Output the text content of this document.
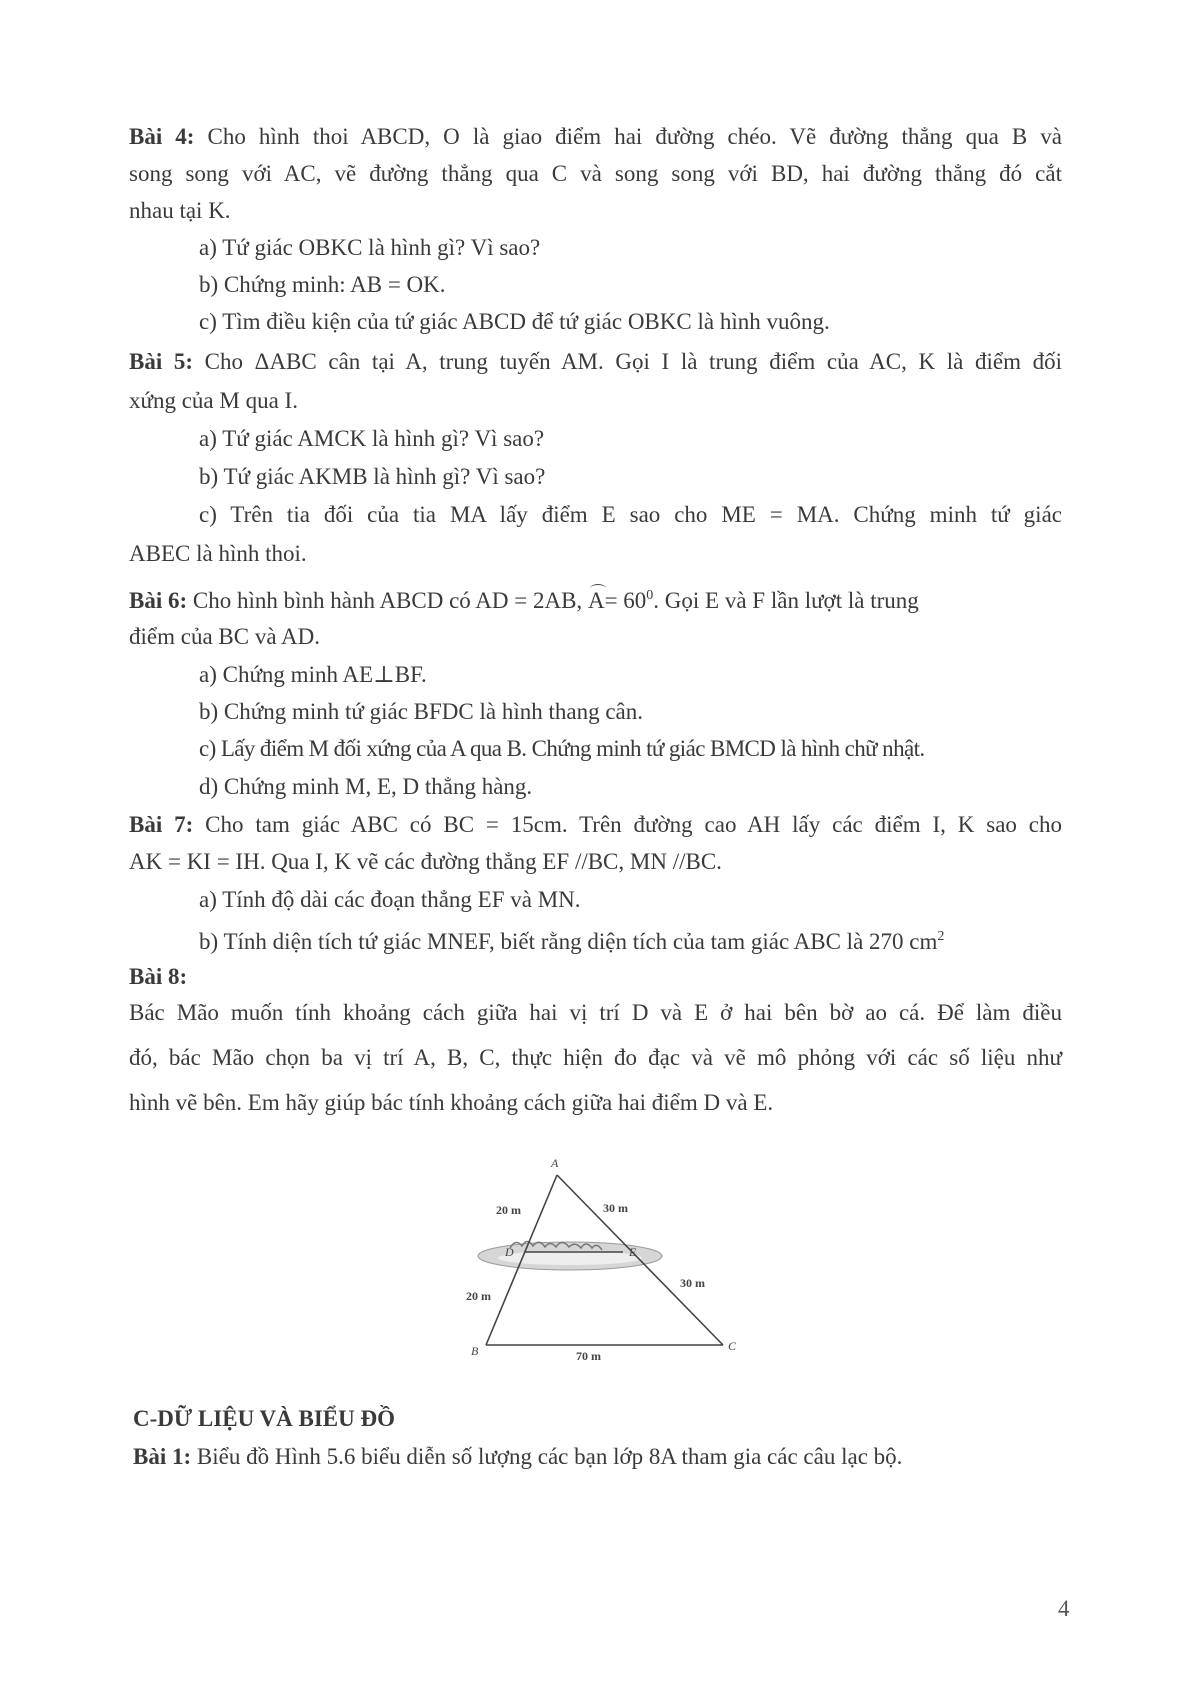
Bài 4: Cho hình thoi ABCD, O là giao điểm hai đường chéo. Vẽ đường thẳng qua B và
song song với AC, vẽ đường thẳng qua C và song song với BD, hai đường thẳng đó cắt
nhau tại K.
a) Tứ giác OBKC là hình gì? Vì sao?
b) Chứng minh: AB = OK.
c) Tìm điều kiện của tứ giác ABCD để tứ giác OBKC là hình vuông.
Bài 5: Cho ΔABC cân tại A, trung tuyến AM. Gọi I là trung điểm của AC, K là điểm đối
xứng của M qua I.
a) Tứ giác AMCK là hình gì? Vì sao?
b) Tứ giác AKMB là hình gì? Vì sao?
c) Trên tia đối của tia MA lấy điểm E sao cho ME = MA. Chứng minh tứ giác
ABEC là hình thoi.
Bài 6: Cho hình bình hành ABCD có AD = 2AB, $A= 60^0$. Gọi E và F lần lượt là trung
điểm của BC và AD.
a) Chứng minh AE⊥BF.
b) Chứng minh tứ giác BFDC là hình thang cân.
c) Lấy điểm M đối xứng của A qua B. Chứng minh tứ giác BMCD là hình chữ nhật.
d) Chứng minh M, E, D thẳng hàng.
Bài 7: Cho tam giác ABC có BC = 15cm. Trên đường cao AH lấy các điểm I, K sao cho
AK = KI = IH. Qua I, K vẽ các đường thẳng EF //BC, MN //BC.
a) Tính độ dài các đoạn thẳng EF và MN.
b) Tính diện tích tứ giác MNEF, biết rằng diện tích của tam giác ABC là 270 $cm^2$
Bài 8:
Bác Mão muốn tính khoảng cách giữa hai vị trí D và E ở hai bên bờ ao cá. Để làm điều
đó, bác Mão chọn ba vị trí A, B, C, thực hiện đo đạc và vẽ mô phỏng với các số liệu như
hình vẽ bên. Em hãy giúp bác tính khoảng cách giữa hai điểm D và E.
A
B	C
D	E
20 m	30 m
20 m
30 m
70 m
C-DỮ LIỆU VÀ BIỂU ĐỒ
Bài 1: Biểu đồ Hình 5.6 biểu diễn số lượng các bạn lớp 8A tham gia các câu lạc bộ.
4
